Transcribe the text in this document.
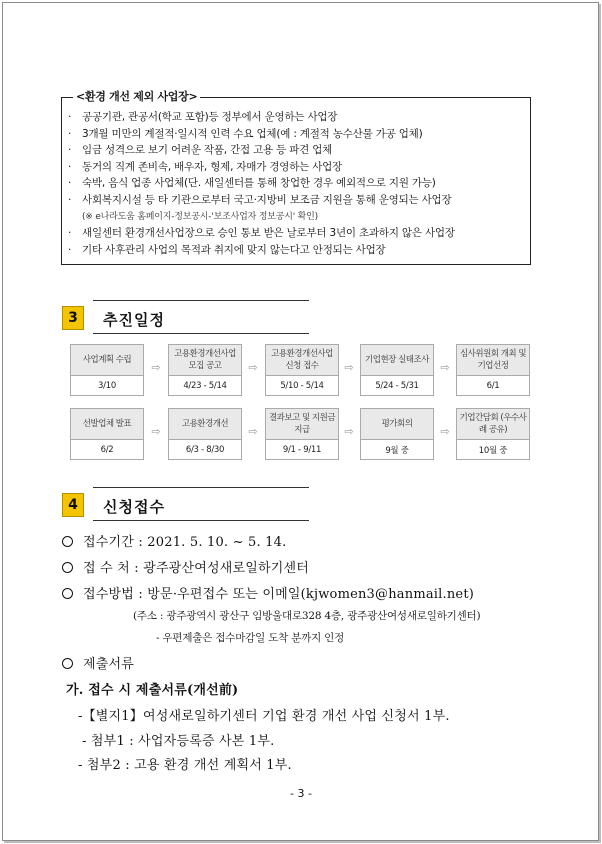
<환경 개선 제외 사업장>
· 공공기관, 관공서(학교 포함)등 정부에서 운영하는 사업장
· 3개월 미만의 계절적·일시적 인력 수요 업체(예 : 계절적 농수산물 가공 업체)
· 임금 성격으로 보기 어려운 작품, 간접 고용 등 파견 업체
· 동거의 직계 존비속, 배우자, 형제, 자매가 경영하는 사업장
· 숙박, 음식 업종 사업체(단. 새일센터를 통해 창업한 경우 예외적으로 지원 가능)
· 사회복지시설 등 타 기관으로부터 국고·지방비 보조금 지원을 통해 운영되는 사업장
(※ e나라도움 홈페이지-정보공시-'보조사업자 정보공시' 확인)
· 새일센터 환경개선사업장으로 승인 통보 받은 날로부터 3년이 초과하지 않은 사업장
· 기타 사후관리 사업의 목적과 취지에 맞지 않는다고 안정되는 사업장
3	추진일정
사업계획 수립
3/10
⇨
고용환경개선사업 모집 공고
4/23 - 5/14
⇨
고용환경개선사업 신청 접수
5/10 - 5/14
⇨
기업현장 실태조사
5/24 - 5/31
⇨
심사위원회 개최 및 기업선정
6/1
선발업체 발표
6/2
⇨
고용환경개선
6/3 - 8/30
⇨
결과보고 및 지원금 지급
9/1 - 9/11
⇨
평가회의
9월 중
⇨
기업간담회 (우수사례 공유)
10월 중
4	신청접수
접수기간 : 2021. 5. 10. ~ 5. 14.
접 수 처 : 광주광산여성새로일하기센터
접수방법 : 방문·우편접수 또는 이메일(kjwomen3@hanmail.net)
(주소 : 광주광역시 광산구 임방울대로328 4층, 광주광산여성새로일하기센터)
- 우편제출은 접수마감일 도착 분까지 인정
제출서류
가. 접수 시 제출서류(개선前)
-【별지1】여성새로일하기센터 기업 환경 개선 사업 신청서 1부.
- 첨부1 : 사업자등록증 사본 1부.
- 첨부2 : 고용 환경 개선 계획서 1부.
- 3 -
